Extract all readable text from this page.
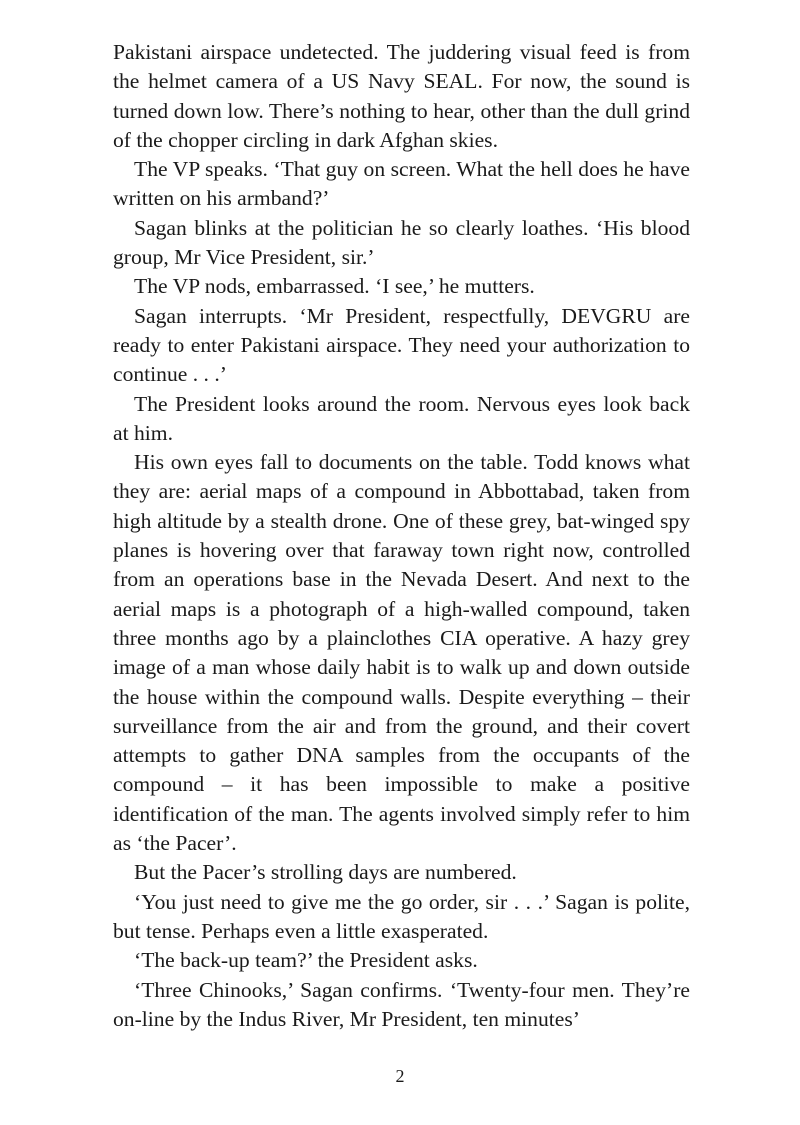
Pakistani airspace undetected. The juddering visual feed is from the helmet camera of a US Navy SEAL. For now, the sound is turned down low. There’s nothing to hear, other than the dull grind of the chopper circling in dark Afghan skies.

The VP speaks. ‘That guy on screen. What the hell does he have written on his armband?’

Sagan blinks at the politician he so clearly loathes. ‘His blood group, Mr Vice President, sir.’

The VP nods, embarrassed. ‘I see,’ he mutters.

Sagan interrupts. ‘Mr President, respectfully, DEVGRU are ready to enter Pakistani airspace. They need your authorization to continue . . .’

The President looks around the room. Nervous eyes look back at him.

His own eyes fall to documents on the table. Todd knows what they are: aerial maps of a compound in Abbottabad, taken from high altitude by a stealth drone. One of these grey, bat-winged spy planes is hovering over that faraway town right now, controlled from an operations base in the Nevada Desert. And next to the aerial maps is a photograph of a high-walled compound, taken three months ago by a plainclothes CIA operative. A hazy grey image of a man whose daily habit is to walk up and down outside the house within the compound walls. Despite everything – their surveillance from the air and from the ground, and their covert attempts to gather DNA samples from the occupants of the compound – it has been impossible to make a positive identification of the man. The agents involved simply refer to him as ‘the Pacer’.

But the Pacer’s strolling days are numbered.

‘You just need to give me the go order, sir . . .’ Sagan is polite, but tense. Perhaps even a little exasperated.

‘The back-up team?’ the President asks.

‘Three Chinooks,’ Sagan confirms. ‘Twenty-four men. They’re on-line by the Indus River, Mr President, ten minutes’

2
